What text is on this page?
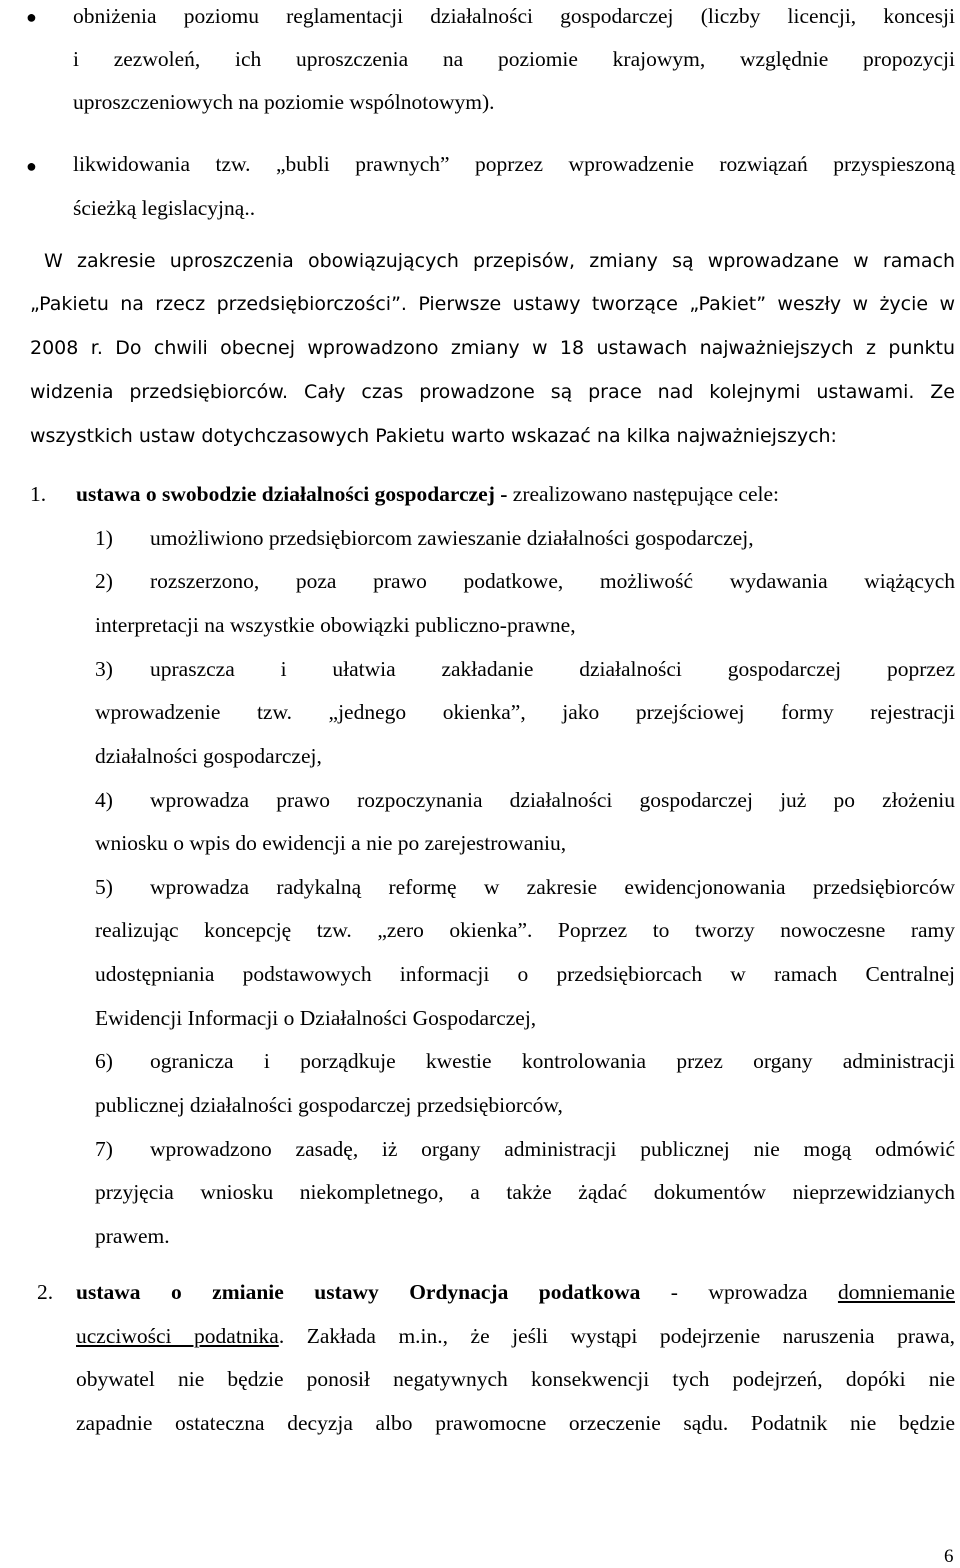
● obniżenia poziomu reglamentacji działalności gospodarczej (liczby licencji, koncesji
i zezwoleń, ich uproszczenia na poziomie krajowym, względnie propozycji
uproszczeniowych na poziomie wspólnotowym).
● likwidowania tzw. „bubli prawnych” poprzez wprowadzenie rozwiązań przyspieszoną
ścieżką legislacyjną..
W zakresie uproszczenia obowiązujących przepisów, zmiany są wprowadzane w ramach
„Pakietu na rzecz przedsiębiorczości”. Pierwsze ustawy tworzące „Pakiet” weszły w życie w
2008 r. Do chwili obecnej wprowadzono zmiany w 18 ustawach najważniejszych z punktu
widzenia przedsiębiorców. Cały czas prowadzone są prace nad kolejnymi ustawami. Ze
wszystkich ustaw dotychczasowych Pakietu warto wskazać na kilka najważniejszych:
1. ustawa o swobodzie działalności gospodarczej - zrealizowano następujące cele:
1) umożliwiono przedsiębiorcom zawieszanie działalności gospodarczej,
2) rozszerzono, poza prawo podatkowe, możliwość wydawania wiążących
interpretacji na wszystkie obowiązki publiczno-prawne,
3) upraszcza i ułatwia zakładanie działalności gospodarczej poprzez
wprowadzenie tzw. „jednego okienka”, jako przejściowej formy rejestracji
działalności gospodarczej,
4) wprowadza prawo rozpoczynania działalności gospodarczej już po złożeniu
wniosku o wpis do ewidencji a nie po zarejestrowaniu,
5) wprowadza radykalną reformę w zakresie ewidencjonowania przedsiębiorców
realizując koncepcję tzw. „zero okienka”. Poprzez to tworzy nowoczesne ramy
udostępniania podstawowych informacji o przedsiębiorcach w ramach Centralnej
Ewidencji Informacji o Działalności Gospodarczej,
6) ogranicza i porządkuje kwestie kontrolowania przez organy administracji
publicznej działalności gospodarczej przedsiębiorców,
7) wprowadzono zasadę, iż organy administracji publicznej nie mogą odmówić
przyjęcia wniosku niekompletnego, a także żądać dokumentów nieprzewidzianych
prawem.
2. ustawa o zmianie ustawy Ordynacja podatkowa - wprowadza domniemanie
uczciwości podatnika. Zakłada m.in., że jeśli wystąpi podejrzenie naruszenia prawa,
obywatel nie będzie ponosił negatywnych konsekwencji tych podejrzeń, dopóki nie
zapadnie ostateczna decyzja albo prawomocne orzeczenie sądu. Podatnik nie będzie
6
